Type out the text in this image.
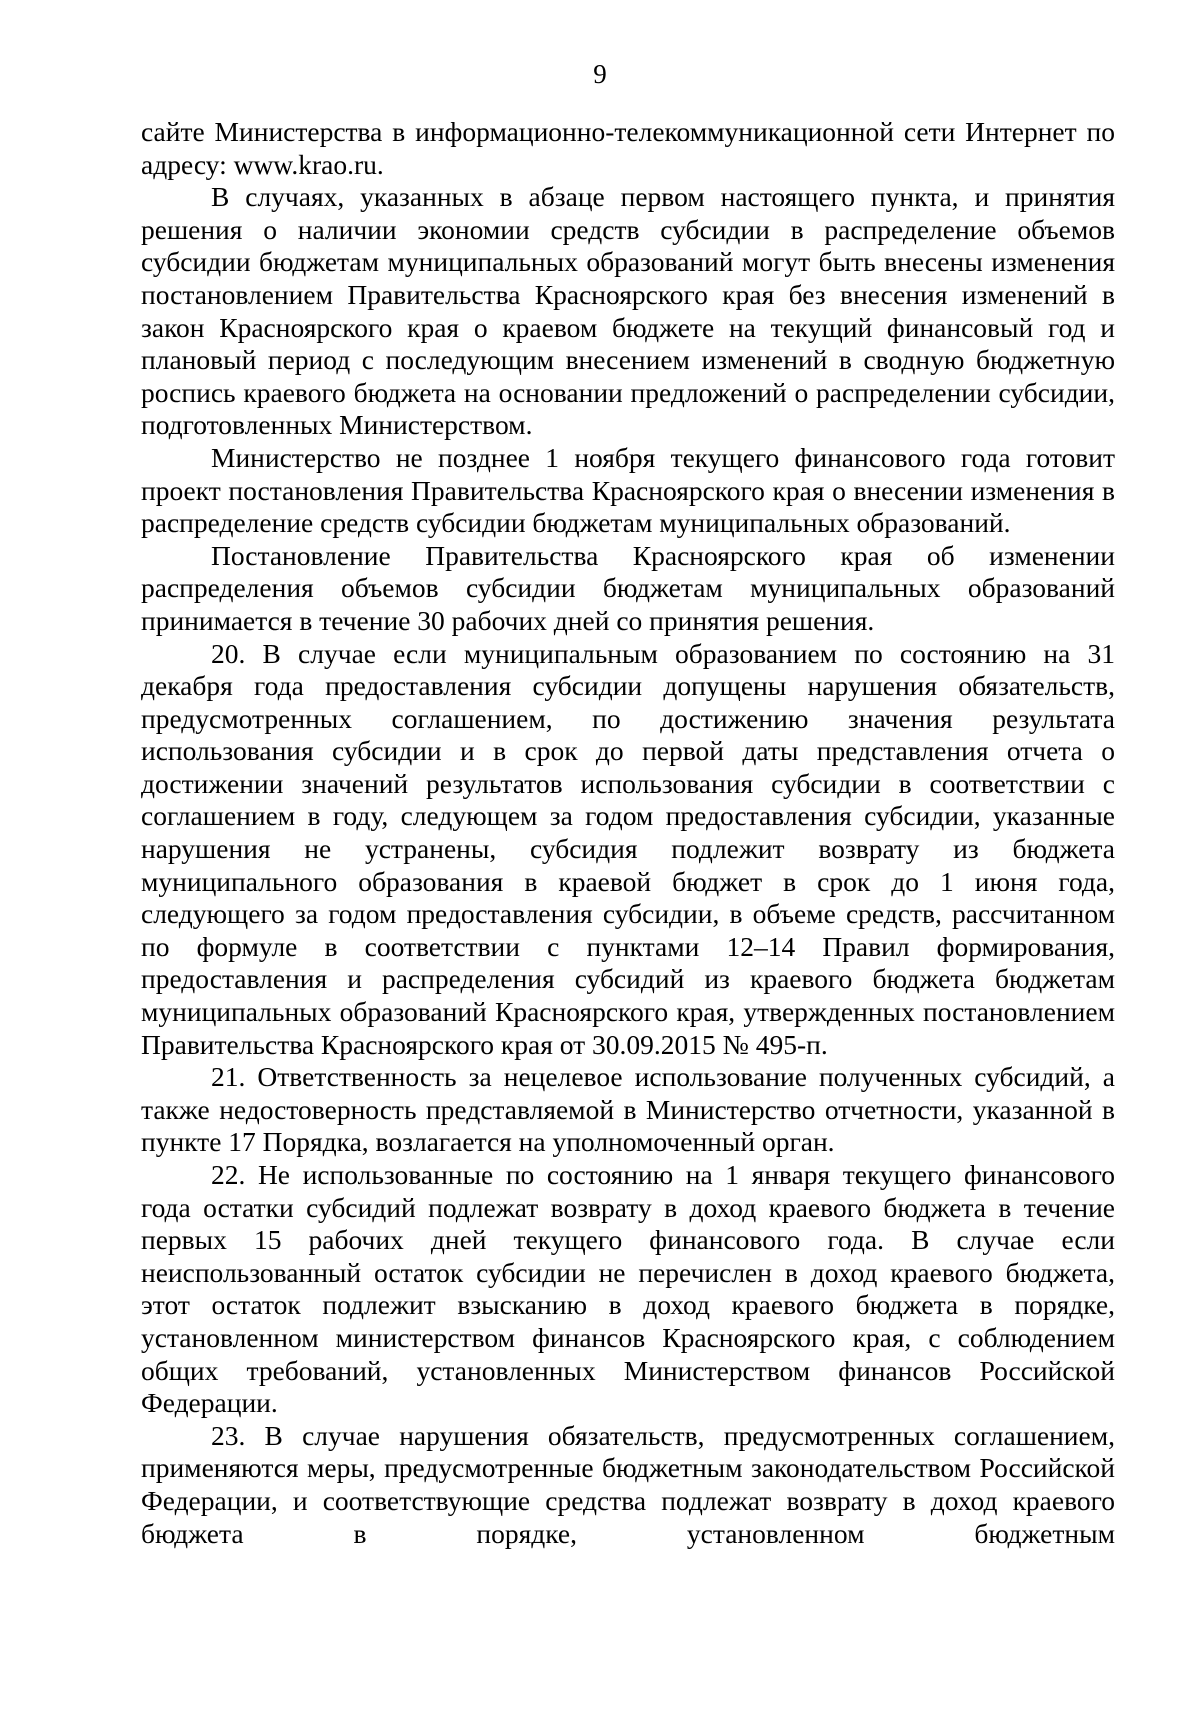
9

сайте Министерства в информационно-телекоммуникационной сети Интернет по адресу: www.krao.ru.

В случаях, указанных в абзаце первом настоящего пункта, и принятия решения о наличии экономии средств субсидии в распределение объемов субсидии бюджетам муниципальных образований могут быть внесены изменения постановлением Правительства Красноярского края без внесения изменений в закон Красноярского края о краевом бюджете на текущий финансовый год и плановый период с последующим внесением изменений в сводную бюджетную роспись краевого бюджета на основании предложений о распределении субсидии, подготовленных Министерством.

Министерство не позднее 1 ноября текущего финансового года готовит проект постановления Правительства Красноярского края о внесении изменения в распределение средств субсидии бюджетам муниципальных образований.

Постановление Правительства Красноярского края об изменении распределения объемов субсидии бюджетам муниципальных образований принимается в течение 30 рабочих дней со принятия решения.

20. В случае если муниципальным образованием по состоянию на 31 декабря года предоставления субсидии допущены нарушения обязательств, предусмотренных соглашением, по достижению значения результата использования субсидии и в срок до первой даты представления отчета о достижении значений результатов использования субсидии в соответствии с соглашением в году, следующем за годом предоставления субсидии, указанные нарушения не устранены, субсидия подлежит возврату из бюджета муниципального образования в краевой бюджет в срок до 1 июня года, следующего за годом предоставления субсидии, в объеме средств, рассчитанном по формуле в соответствии с пунктами 12–14 Правил формирования, предоставления и распределения субсидий из краевого бюджета бюджетам муниципальных образований Красноярского края, утвержденных постановлением Правительства Красноярского края от 30.09.2015 № 495-п.

21. Ответственность за нецелевое использование полученных субсидий, а также недостоверность представляемой в Министерство отчетности, указанной в пункте 17 Порядка, возлагается на уполномоченный орган.

22. Не использованные по состоянию на 1 января текущего финансового года остатки субсидий подлежат возврату в доход краевого бюджета в течение первых 15 рабочих дней текущего финансового года. В случае если неиспользованный остаток субсидии не перечислен в доход краевого бюджета, этот остаток подлежит взысканию в доход краевого бюджета в порядке, установленном министерством финансов Красноярского края, с соблюдением общих требований, установленных Министерством финансов Российской Федерации.

23. В случае нарушения обязательств, предусмотренных соглашением, применяются меры, предусмотренные бюджетным законодательством Российской Федерации, и соответствующие средства подлежат возврату в доход краевого бюджета в порядке, установленном бюджетным
